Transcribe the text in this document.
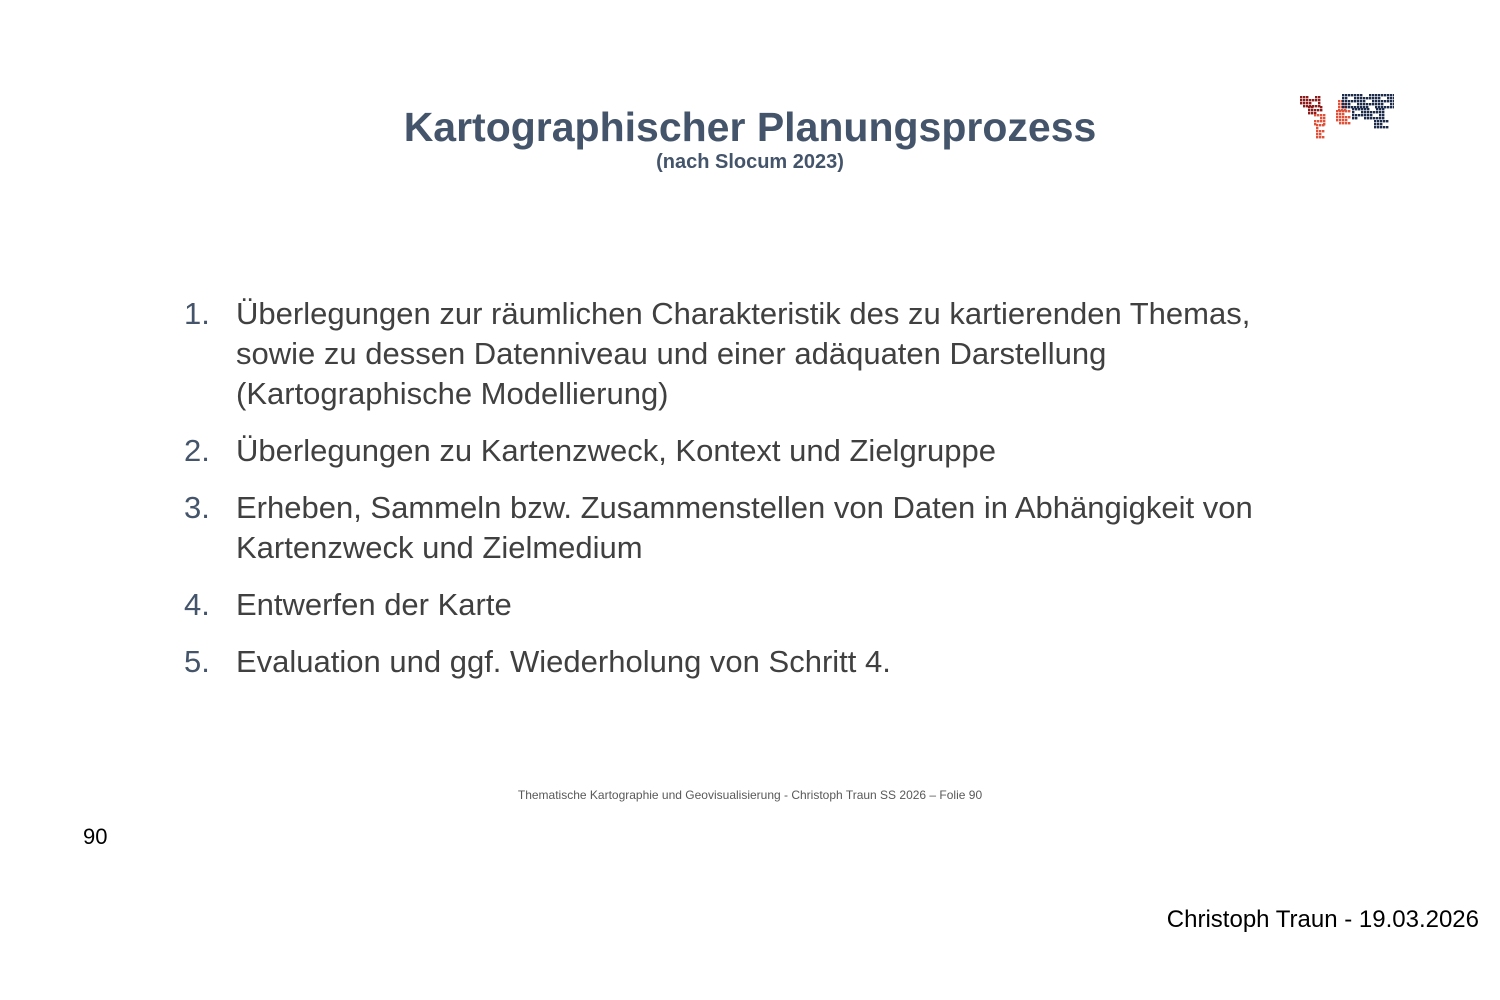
Kartographischer Planungsprozess
(nach Slocum 2023)
1. Überlegungen zur räumlichen Charakteristik des zu kartierenden Themas, sowie zu dessen Datenniveau und einer adäquaten Darstellung (Kartographische Modellierung)
2. Überlegungen zu Kartenzweck, Kontext und Zielgruppe
3. Erheben, Sammeln bzw. Zusammenstellen von Daten in Abhängigkeit von Kartenzweck und Zielmedium
4. Entwerfen der Karte
5. Evaluation und ggf. Wiederholung von Schritt 4.
Thematische Kartographie und Geovisualisierung - Christoph Traun SS 2026 – Folie 90
90
Christoph Traun - 19.03.2026
